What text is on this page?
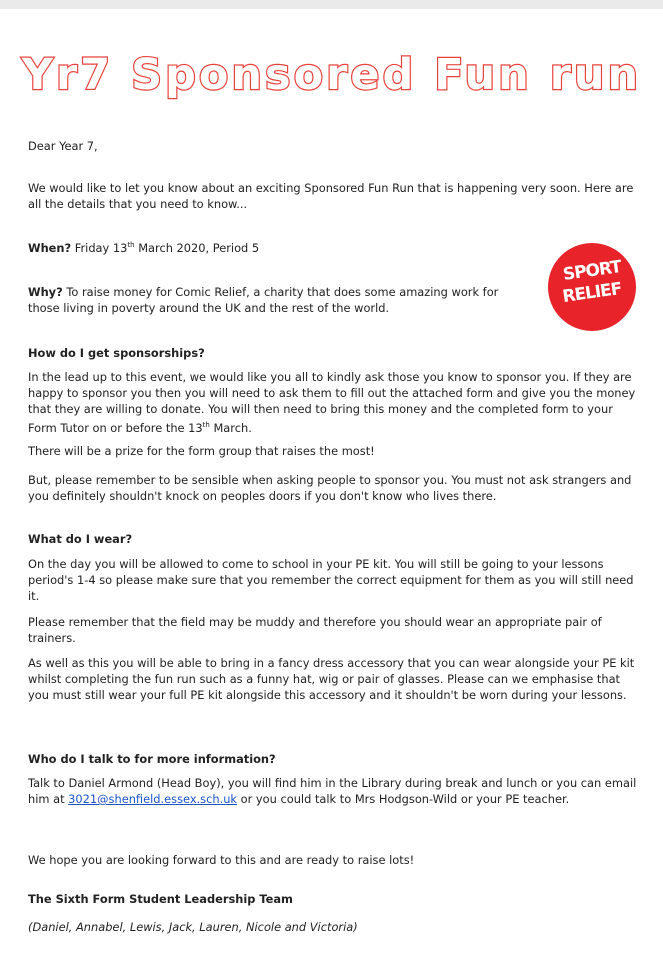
Yr7 Sponsored Fun run
SPORT
RELIEF

Dear Year 7,

We would like to let you know about an exciting Sponsored Fun Run that is happening very soon. Here are all the details that you need to know...

When? Friday 13th March 2020, Period 5

Why? To raise money for Comic Relief, a charity that does some amazing work for those living in poverty around the UK and the rest of the world.

How do I get sponsorships?

In the lead up to this event, we would like you all to kindly ask those you know to sponsor you. If they are happy to sponsor you then you will need to ask them to fill out the attached form and give you the money that they are willing to donate. You will then need to bring this money and the completed form to your Form Tutor on or before the 13th March.

There will be a prize for the form group that raises the most!

But, please remember to be sensible when asking people to sponsor you. You must not ask strangers and you definitely shouldn't knock on peoples doors if you don't know who lives there.

What do I wear?

On the day you will be allowed to come to school in your PE kit. You will still be going to your lessons period's 1-4 so please make sure that you remember the correct equipment for them as you will still need it.

Please remember that the field may be muddy and therefore you should wear an appropriate pair of trainers.

As well as this you will be able to bring in a fancy dress accessory that you can wear alongside your PE kit whilst completing the fun run such as a funny hat, wig or pair of glasses. Please can we emphasise that you must still wear your full PE kit alongside this accessory and it shouldn't be worn during your lessons.

Who do I talk to for more information?

Talk to Daniel Armond (Head Boy), you will find him in the Library during break and lunch or you can email him at 3021@shenfield.essex.sch.uk or you could talk to Mrs Hodgson-Wild or your PE teacher.

We hope you are looking forward to this and are ready to raise lots!

The Sixth Form Student Leadership Team

(Daniel, Annabel, Lewis, Jack, Lauren, Nicole and Victoria)
